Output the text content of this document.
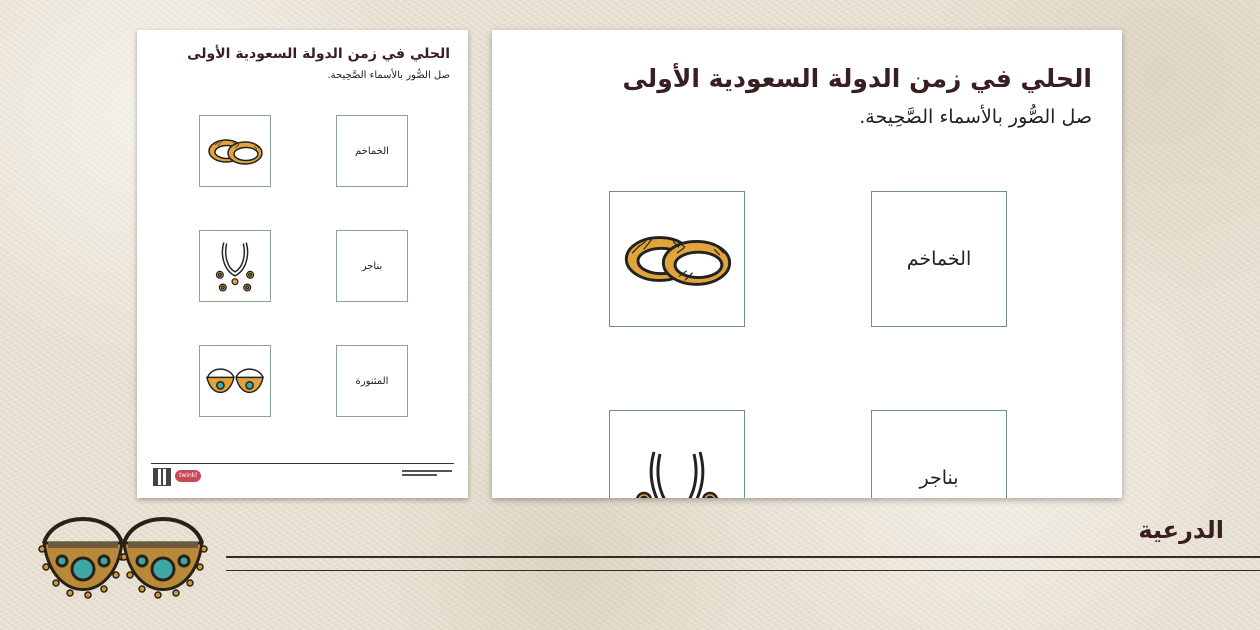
الحلي في زمن الدولة السعودية الأولى
صل الصُّور بالأسماء الصَّحِيحة.
الخماخم
بناجر
المثنورة
twinkl
الحلي في زمن الدولة السعودية الأولى
صل الصُّور بالأسماء الصَّحِيحة.
الخماخم
بناجر
الدرعية
